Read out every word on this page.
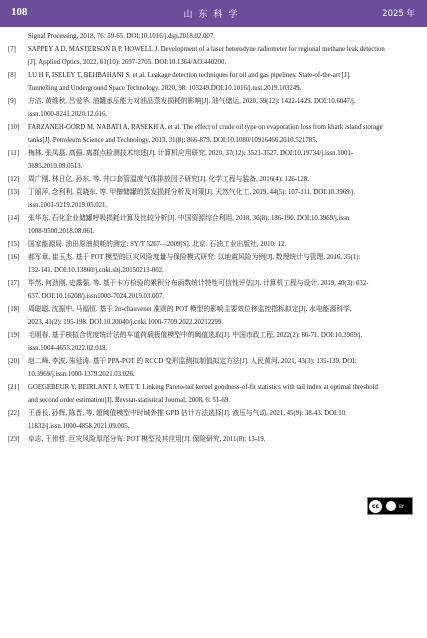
108	山东科学	2025 年
Signal Processing, 2018, 76: 59-65. DOI:10.1016/j.dsp.2018.02.007.
[7] SAPPEY A D, MASTERSON B P, HOWELL J. Development of a laser heterodyne radiometer for regional methane leak detection
[J]. Applied Optics, 2022, 61(10): 2697-2705. DOI:10.1364/AO.440200.
[8] LU H F, ISELEY T, BEHBAHANI S, et al. Leakage detection techniques for oil and gas pipelines: State-of-the-art [J].
Tunnelling and Underground Space Technology, 2020, 98: 103249.DOI:10.1016/j.tust.2019.103249.
[9] 方洁, 黄维秋, 吕爱华. 油罐承压能力对油品蒸发损耗的影响[J]. 油气储运, 2020, 39(12): 1422-1429. DOI:10.6047/j.
issn.1000-8241.2020.12.016.
[10] FARZANEH-GORD M, NABATI A, RASEKH A, et al. The effect of crude oil type on evaporation loss from khark island storage
tanks[J]. Petroleum Science and Technology, 2013, 31(8): 866-879. DOI:10.1080/10916466.2010.521785.
[11] 梅林, 张凤磊, 高强. 离群点检测技术综述[J]. 计算机应用研究, 2020, 37(12): 3521-3527. DOI:10.19734/j.issn.1001-
3695.2019.09.0513.
[12] 周广刚, 林日亿, 孙东, 等. 井口套管温度气体排放因子研究[J]. 化学工程与装备, 2016(4): 126-128.
[13] 丁丽萍, 念利利, 袁晓东, 等. 甲醇储罐的蒸发损耗分析及对策[J]. 天然气化工, 2019, 44(5): 107-111. DOI:10.3969/j.
issn.1001-9219.2019.05.021.
[14] 张华东. 石化企业储罐呼吸损耗计算及比较分析[J]. 中国资源综合利用, 2018, 36(8): 186-190. DOI:10.3969/j.issn.
1008-9500.2018.08.061.
[15] 国家能源局. 油田原油损耗的测定: SY/T 5267—2009[S]. 北京: 石油工业出版社, 2010: 12.
[16] 郝军章, 崔玉杰. 基于 POT 模型的巨灾风险度量与保险模式研究: 以地震风险为例[J]. 数理统计与管理, 2016, 35(1):
132-141. DOI:10.13860/j.cnki.sltj.20150213-002.
[17] 毕然, 何劲刚, 史露强, 等. 基于卡方检验的累积分布函数统计特性可信性评估[J]. 计算机工程与设计, 2019, 40(3): 632-
637. DOI:10.16208/j.issn1000-7024.2019.03.007.
[18] 周聪聪, 沈振中, 马福恒. 基于 2σ-chauvenet 准则的 POT 模型的影响主要效位移监控指标拟定[J]. 水电能源科学,
2023, 41(2): 195-198. DOI:10.20040/j.cnki.1000-7709.2022.20212299.
[19] 毛明春. 基于核拟合优度统计法的车道荷载极值模型中的阈值选取[J]. 中国市政工程, 2022(2): 66-71. DOI:10.3969/j.
issn.1004-4655.2022.02.018.
[20] 赵二峰, 李波, 朱延涛. 基于 PPA-POT 的 RCCD 变形监测拟制值拟定方法[J]. 人民黄河, 2021, 43(3): 135-139. DOI:
10.3969/j.issn.1000-1379.2021.03.026.
[21] GOEGEBEUR Y, BEIRLANT J, WET T. Linking Pareto-tail kernel goodness-of-fit statistics with tail index at optimal threshold
and second order estimation[J]. Revstat-statistical Journal, 2008, 6: 51-69.
[22] 王善长, 孙辉, 陈晋, 等. 超阈值模型中时域外推 GPD 估计方法选择[J]. 液压与气动, 2021, 45(9): 38-43. DOI:10.
11832/j.issn.1000-4858.2021.09.005.
[23] 阜志, 王伟哲. 巨灾风险厚尾分布: POT 模型及其应用[J]. 保险研究, 2011(8): 13-19.
cc	BY
